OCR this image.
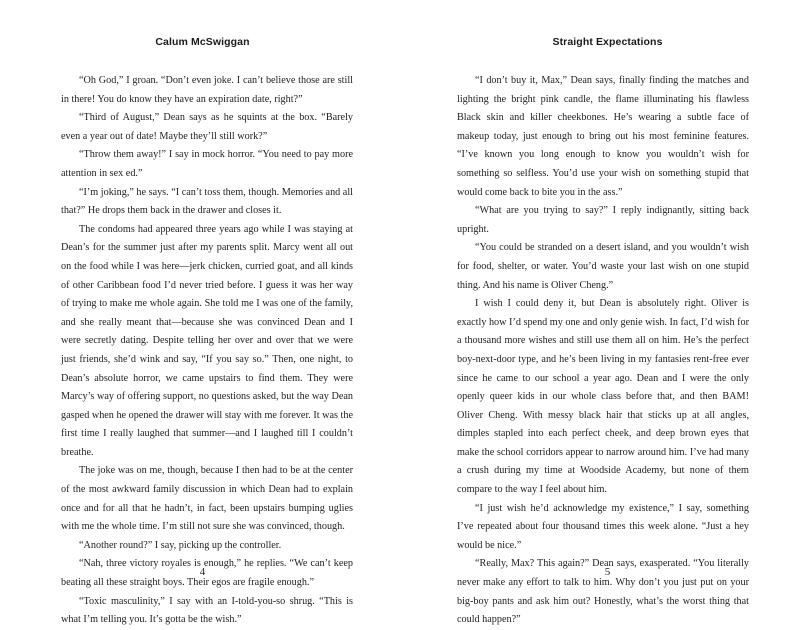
Calum McSwiggan

“Oh God,” I groan. “Don’t even joke. I can’t believe those are still in there! You do know they have an expiration date, right?”

“Third of August,” Dean says as he squints at the box. “Barely even a year out of date! Maybe they’ll still work?”

“Throw them away!” I say in mock horror. “You need to pay more attention in sex ed.”

“I’m joking,” he says. “I can’t toss them, though. Memories and all that?” He drops them back in the drawer and closes it.

The condoms had appeared three years ago while I was staying at Dean’s for the summer just after my parents split. Marcy went all out on the food while I was here—jerk chicken, curried goat, and all kinds of other Caribbean food I’d never tried before. I guess it was her way of trying to make me whole again. She told me I was one of the family, and she really meant that—because she was convinced Dean and I were secretly dating. Despite telling her over and over that we were just friends, she’d wink and say, “If you say so.” Then, one night, to Dean’s absolute horror, we came upstairs to find them. They were Marcy’s way of offering support, no questions asked, but the way Dean gasped when he opened the drawer will stay with me forever. It was the first time I really laughed that summer—and I laughed till I couldn’t breathe.

The joke was on me, though, because I then had to be at the center of the most awkward family discussion in which Dean had to explain once and for all that he hadn’t, in fact, been upstairs bumping uglies with me the whole time. I’m still not sure she was convinced, though.

“Another round?” I say, picking up the controller.

“Nah, three victory royales is enough,” he replies. “We can’t keep beating all these straight boys. Their egos are fragile enough.”

“Toxic masculinity,” I say with an I-told-you-so shrug. “This is what I’m telling you. It’s gotta be the wish.”

4
Straight Expectations

“I don’t buy it, Max,” Dean says, finally finding the matches and lighting the bright pink candle, the flame illuminating his flawless Black skin and killer cheekbones. He’s wearing a subtle face of makeup today, just enough to bring out his most feminine features. “I’ve known you long enough to know you wouldn’t wish for something so selfless. You’d use your wish on something stupid that would come back to bite you in the ass.”

“What are you trying to say?” I reply indignantly, sitting back upright.

“You could be stranded on a desert island, and you wouldn’t wish for food, shelter, or water. You’d waste your last wish on one stupid thing. And his name is Oliver Cheng.”

I wish I could deny it, but Dean is absolutely right. Oliver is exactly how I’d spend my one and only genie wish. In fact, I’d wish for a thousand more wishes and still use them all on him. He’s the perfect boy-next-door type, and he’s been living in my fantasies rent-free ever since he came to our school a year ago. Dean and I were the only openly queer kids in our whole class before that, and then BAM! Oliver Cheng. With messy black hair that sticks up at all angles, dimples stapled into each perfect cheek, and deep brown eyes that make the school corridors appear to narrow around him. I’ve had many a crush during my time at Woodside Academy, but none of them compare to the way I feel about him.

“I just wish he’d acknowledge my existence,” I say, something I’ve repeated about four thousand times this week alone. “Just a hey would be nice.”

“Really, Max? This again?” Dean says, exasperated. “You literally never make any effort to talk to him. Why don’t you just put on your big-boy pants and ask him out? Honestly, what’s the worst thing that could happen?”

5
